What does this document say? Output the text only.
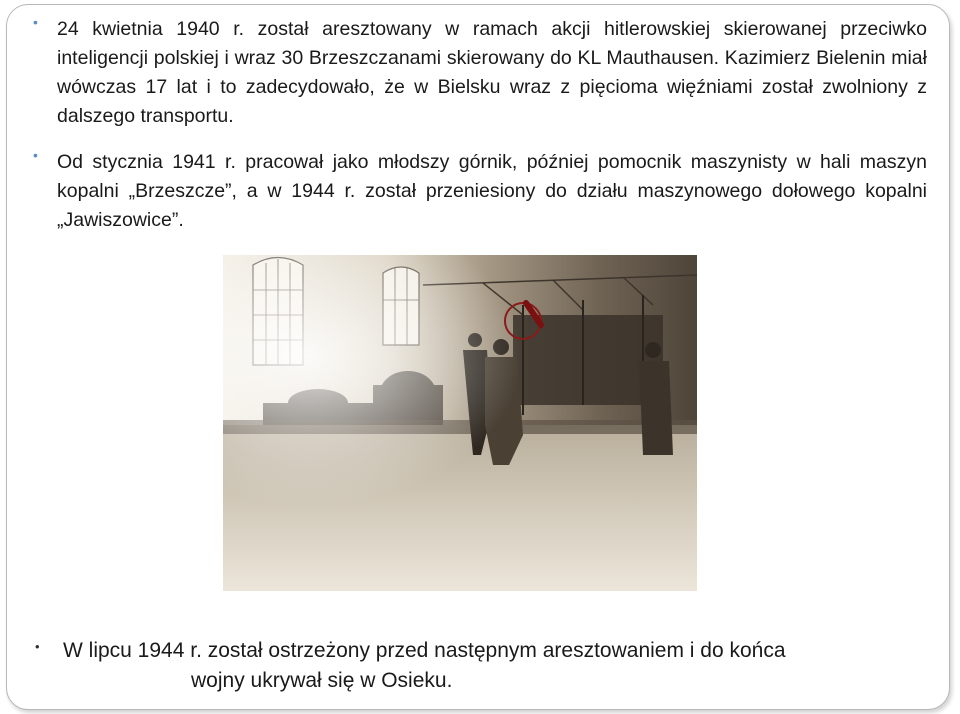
• 24 kwietnia 1940 r. został aresztowany w ramach akcji hitlerowskiej skierowanej przeciwko inteligencji polskiej i wraz 30 Brzeszczanami skierowany do KL Mauthausen. Kazimierz Bielenin miał wówczas 17 lat i to zadecydowało, że w Bielsku wraz z pięcioma więźniami został zwolniony z dalszego transportu.
• Od stycznia 1941 r. pracował jako młodszy górnik, później pomocnik maszynisty w hali maszyn kopalni „Brzeszcze”, a w 1944 r. został przeniesiony do działu maszynowego dołowego kopalni „Jawiszowice”.
• W lipcu 1944 r. został ostrzeżony przed następnym aresztowaniem i do końca

wojny ukrywał się w Osieku.
